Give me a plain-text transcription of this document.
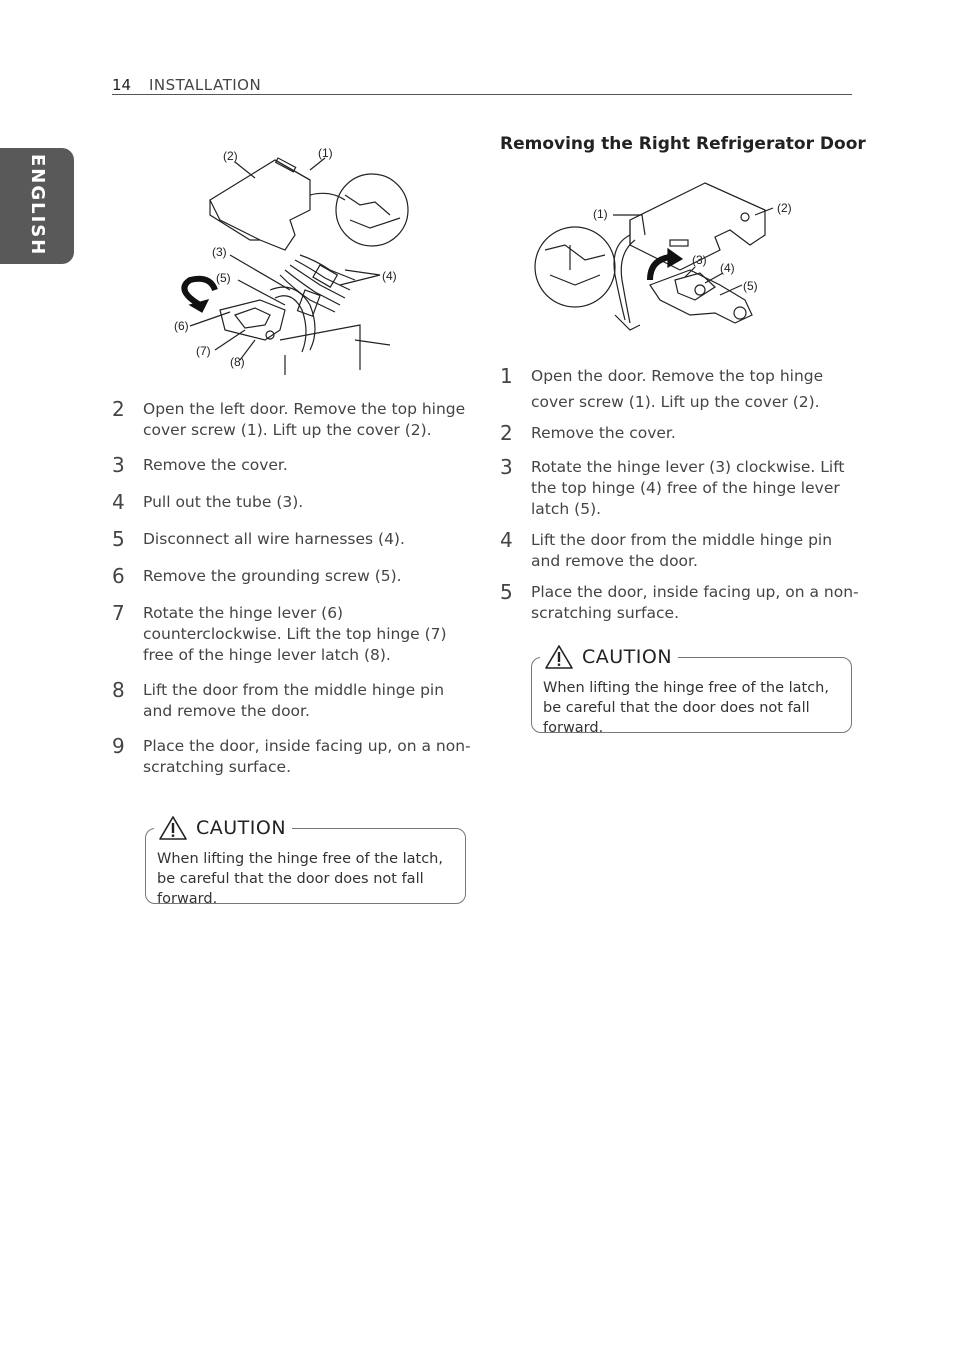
14 INSTALLATION
ENGLISH	(2)	(1)
(3)
(5)	(4)
(6)
(7)
(8)
2 Open the left door. Remove the top hinge cover screw (1). Lift up the cover (2).
3 Remove the cover.
4 Pull out the tube (3).
5 Disconnect all wire harnesses (4).
6 Remove the grounding screw (5).
7 Rotate the hinge lever (6) counterclockwise. Lift the top hinge (7) free of the hinge lever latch (8).
8 Lift the door from the middle hinge pin and remove the door.
9 Place the door, inside facing up, on a non-scratching surface.
CAUTION
When lifting the hinge free of the latch, be careful that the door does not fall forward.
Removing the Right Refrigerator Door
(1)	(2)
(3)
(4)
(5)
1 Open the door. Remove the top hinge cover screw (1). Lift up the cover (2).
2 Remove the cover.
3 Rotate the hinge lever (3) clockwise. Lift the top hinge (4) free of the hinge lever latch (5).
4 Lift the door from the middle hinge pin and remove the door.
5 Place the door, inside facing up, on a non-scratching surface.
CAUTION
When lifting the hinge free of the latch, be careful that the door does not fall forward.
